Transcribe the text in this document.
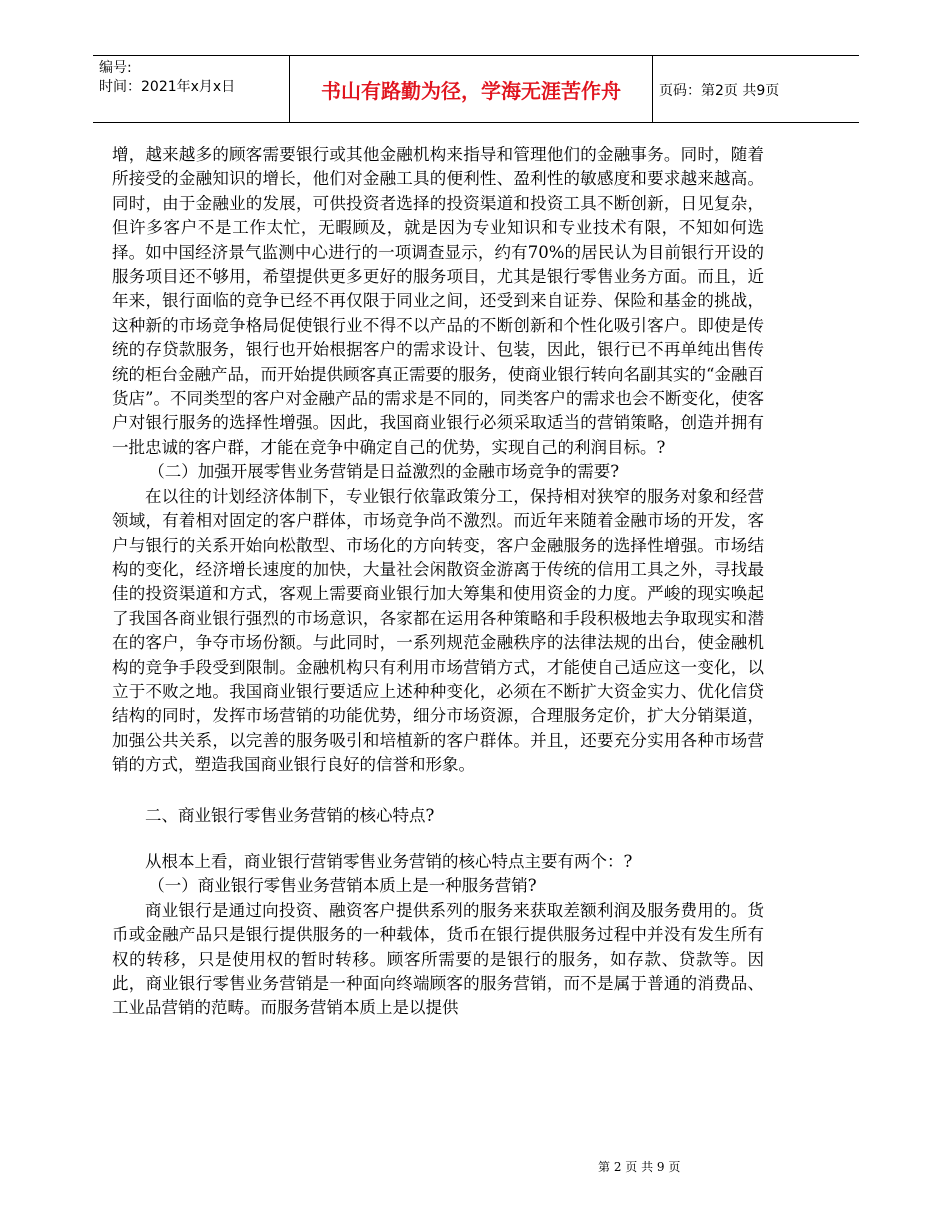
编号:
时间：2021年x月x日	书山有路勤为径，学海无涯苦作舟	页码：第2页 共9页

增，越来越多的顾客需要银行或其他金融机构来指导和管理他们的金融事务。同时，随着所接受的金融知识的增长，他们对金融工具的便利性、盈利性的敏感度和要求越来越高。同时，由于金融业的发展，可供投资者选择的投资渠道和投资工具不断创新，日见复杂，但许多客户不是工作太忙，无暇顾及，就是因为专业知识和专业技术有限，不知如何选择。如中国经济景气监测中心进行的一项调查显示，约有70%的居民认为目前银行开设的服务项目还不够用，希望提供更多更好的服务项目，尤其是银行零售业务方面。而且，近年来，银行面临的竞争已经不再仅限于同业之间，还受到来自证券、保险和基金的挑战，这种新的市场竞争格局促使银行业不得不以产品的不断创新和个性化吸引客户。即使是传统的存贷款服务，银行也开始根据客户的需求设计、包装，因此，银行已不再单纯出售传统的柜台金融产品，而开始提供顾客真正需要的服务，使商业银行转向名副其实的“金融百货店”。不同类型的客户对金融产品的需求是不同的，同类客户的需求也会不断变化，使客户对银行服务的选择性增强。因此，我国商业银行必须采取适当的营销策略，创造并拥有一批忠诚的客户群，才能在竞争中确定自己的优势，实现自己的利润目标。?

（二）加强开展零售业务营销是日益激烈的金融市场竞争的需要?

在以往的计划经济体制下，专业银行依靠政策分工，保持相对狭窄的服务对象和经营领域，有着相对固定的客户群体，市场竞争尚不激烈。而近年来随着金融市场的开发，客户与银行的关系开始向松散型、市场化的方向转变，客户金融服务的选择性增强。市场结构的变化，经济增长速度的加快，大量社会闲散资金游离于传统的信用工具之外，寻找最佳的投资渠道和方式，客观上需要商业银行加大筹集和使用资金的力度。严峻的现实唤起了我国各商业银行强烈的市场意识，各家都在运用各种策略和手段积极地去争取现实和潜在的客户，争夺市场份额。与此同时，一系列规范金融秩序的法律法规的出台，使金融机构的竞争手段受到限制。金融机构只有利用市场营销方式，才能使自己适应这一变化，以立于不败之地。我国商业银行要适应上述种种变化，必须在不断扩大资金实力、优化信贷结构的同时，发挥市场营销的功能优势，细分市场资源，合理服务定价，扩大分销渠道，加强公共关系，以完善的服务吸引和培植新的客户群体。并且，还要充分实用各种市场营销的方式，塑造我国商业银行良好的信誉和形象。

二、商业银行零售业务营销的核心特点?

从根本上看，商业银行营销零售业务营销的核心特点主要有两个：?

（一）商业银行零售业务营销本质上是一种服务营销?

商业银行是通过向投资、融资客户提供系列的服务来获取差额利润及服务费用的。货币或金融产品只是银行提供服务的一种载体，货币在银行提供服务过程中并没有发生所有权的转移，只是使用权的暂时转移。顾客所需要的是银行的服务，如存款、贷款等。因此，商业银行零售业务营销是一种面向终端顾客的服务营销，而不是属于普通的消费品、工业品营销的范畴。而服务营销本质上是以提供

第 2 页 共 9 页
